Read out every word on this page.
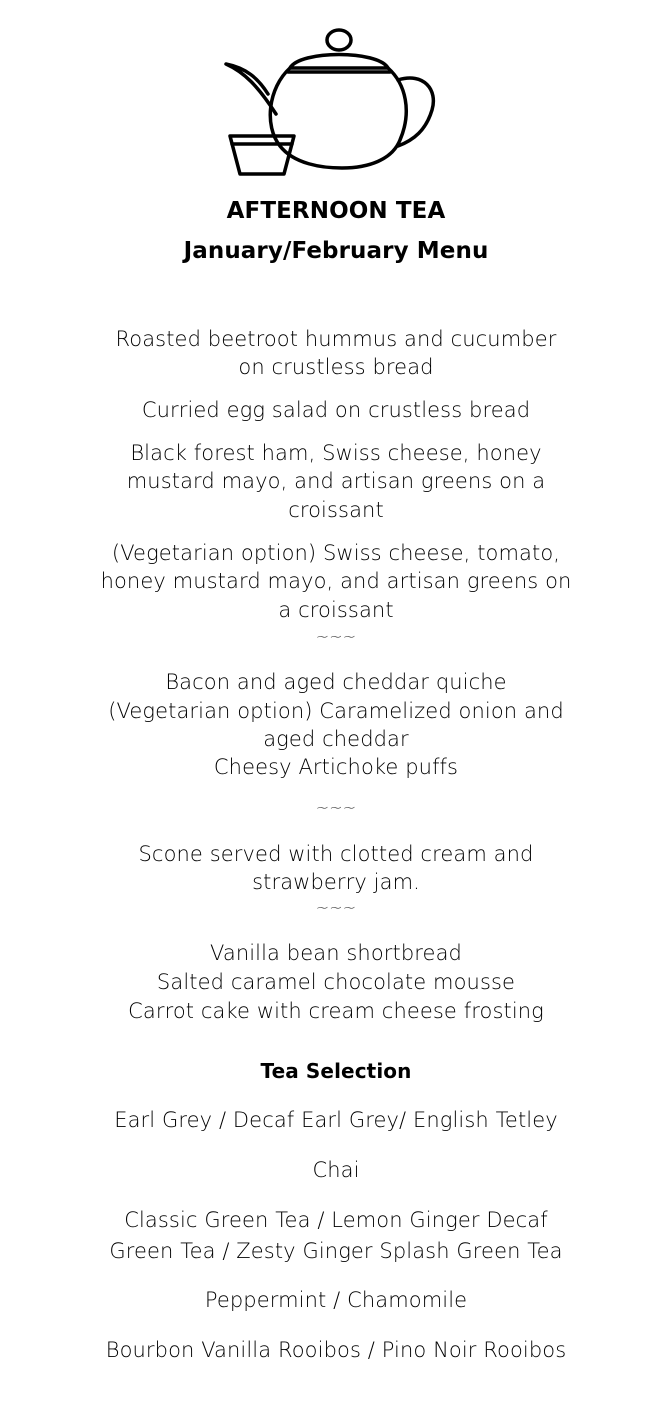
AFTERNOON TEA
January/February Menu
Roasted beetroot hummus and cucumber
on crustless bread
Curried egg salad on crustless bread
Black forest ham, Swiss cheese, honey
mustard mayo, and artisan greens on a
croissant
(Vegetarian option) Swiss cheese, tomato,
honey mustard mayo, and artisan greens on
a croissant
~~~
Bacon and aged cheddar quiche
(Vegetarian option) Caramelized onion and
aged cheddar
Cheesy Artichoke puffs
~~~
Scone served with clotted cream and
strawberry jam.
~~~
Vanilla bean shortbread
Salted caramel chocolate mousse
Carrot cake with cream cheese frosting
Tea Selection
Earl Grey / Decaf Earl Grey/ English Tetley
Chai
Classic Green Tea / Lemon Ginger Decaf
Green Tea / Zesty Ginger Splash Green Tea
Peppermint / Chamomile
Bourbon Vanilla Rooibos / Pino Noir Rooibos
